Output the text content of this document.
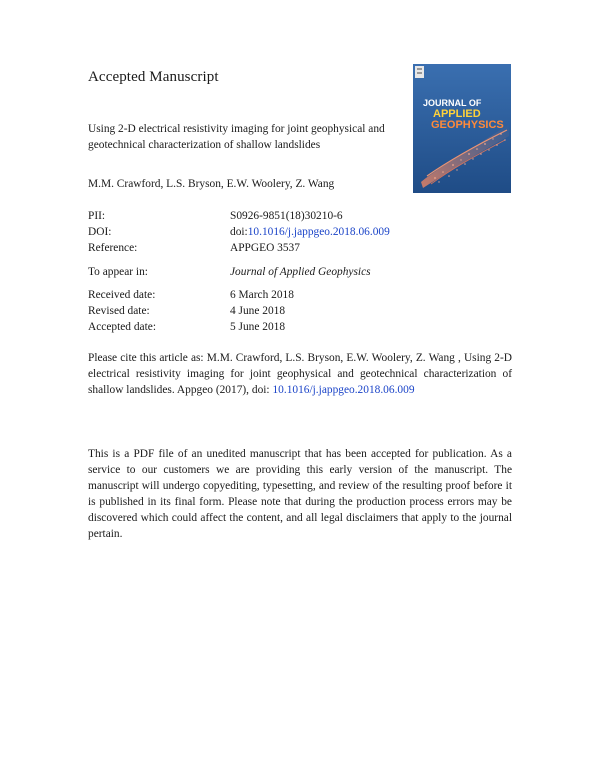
Accepted Manuscript
Using 2-D electrical resistivity imaging for joint geophysical and geotechnical characterization of shallow landslides
JOURNAL OF
APPLIED
GEOPHYSICS
M.M. Crawford, L.S. Bryson, E.W. Woolery, Z. Wang
PII:	S0926-9851(18)30210-6
DOI:	doi:10.1016/j.jappgeo.2018.06.009
Reference:	APPGEO 3537
To appear in:	Journal of Applied Geophysics
Received date:	6 March 2018
Revised date:	4 June 2018
Accepted date:	5 June 2018
Please cite this article as: M.M. Crawford, L.S. Bryson, E.W. Woolery, Z. Wang , Using 2-D electrical resistivity imaging for joint geophysical and geotechnical characterization of shallow landslides. Appgeo (2017), doi: 10.1016/j.jappgeo.2018.06.009
This is a PDF file of an unedited manuscript that has been accepted for publication. As a service to our customers we are providing this early version of the manuscript. The manuscript will undergo copyediting, typesetting, and review of the resulting proof before it is published in its final form. Please note that during the production process errors may be discovered which could affect the content, and all legal disclaimers that apply to the journal pertain.
